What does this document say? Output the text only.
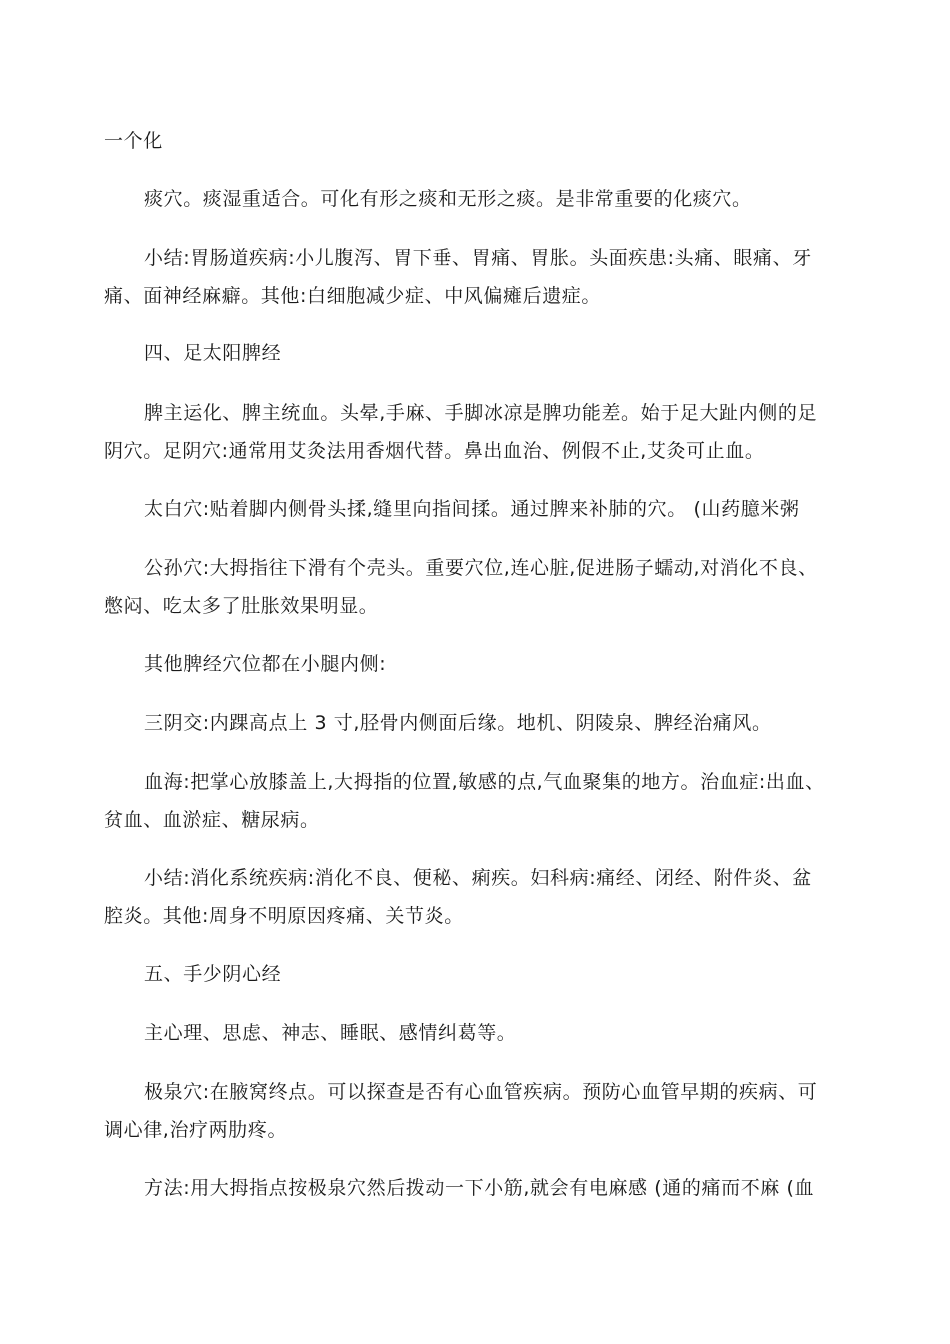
一个化

痰穴。痰湿重适合。可化有形之痰和无形之痰。是非常重要的化痰穴。

小结:胃肠道疾病:小儿腹泻、胃下垂、胃痛、胃胀。头面疾患:头痛、眼痛、牙
痛、面神经麻癖。其他:白细胞减少症、中风偏瘫后遗症。

四、足太阳脾经

脾主运化、脾主统血。头晕,手麻、手脚冰凉是脾功能差。始于足大趾内侧的足
阴穴。足阴穴:通常用艾灸法用香烟代替。鼻出血治、例假不止,艾灸可止血。

太白穴:贴着脚内侧骨头揉,缝里向指间揉。通过脾来补肺的穴。 (山药臆米粥

公孙穴:大拇指往下滑有个壳头。重要穴位,连心脏,促进肠子蠕动,对消化不良、
憋闷、吃太多了肚胀效果明显。

其他脾经穴位都在小腿内侧:

三阴交:内踝高点上 3 寸,胫骨内侧面后缘。地机、阴陵泉、脾经治痛风。

血海:把掌心放膝盖上,大拇指的位置,敏感的点,气血聚集的地方。治血症:出血、
贫血、血淤症、糖尿病。

小结:消化系统疾病:消化不良、便秘、痢疾。妇科病:痛经、闭经、附件炎、盆
腔炎。其他:周身不明原因疼痛、关节炎。

五、手少阴心经

主心理、思虑、神志、睡眠、感情纠葛等。

极泉穴:在腋窝终点。可以探查是否有心血管疾病。预防心血管早期的疾病、可
调心律,治疗两肋疼。

方法:用大拇指点按极泉穴然后拨动一下小筋,就会有电麻感 (通的痛而不麻 (血
